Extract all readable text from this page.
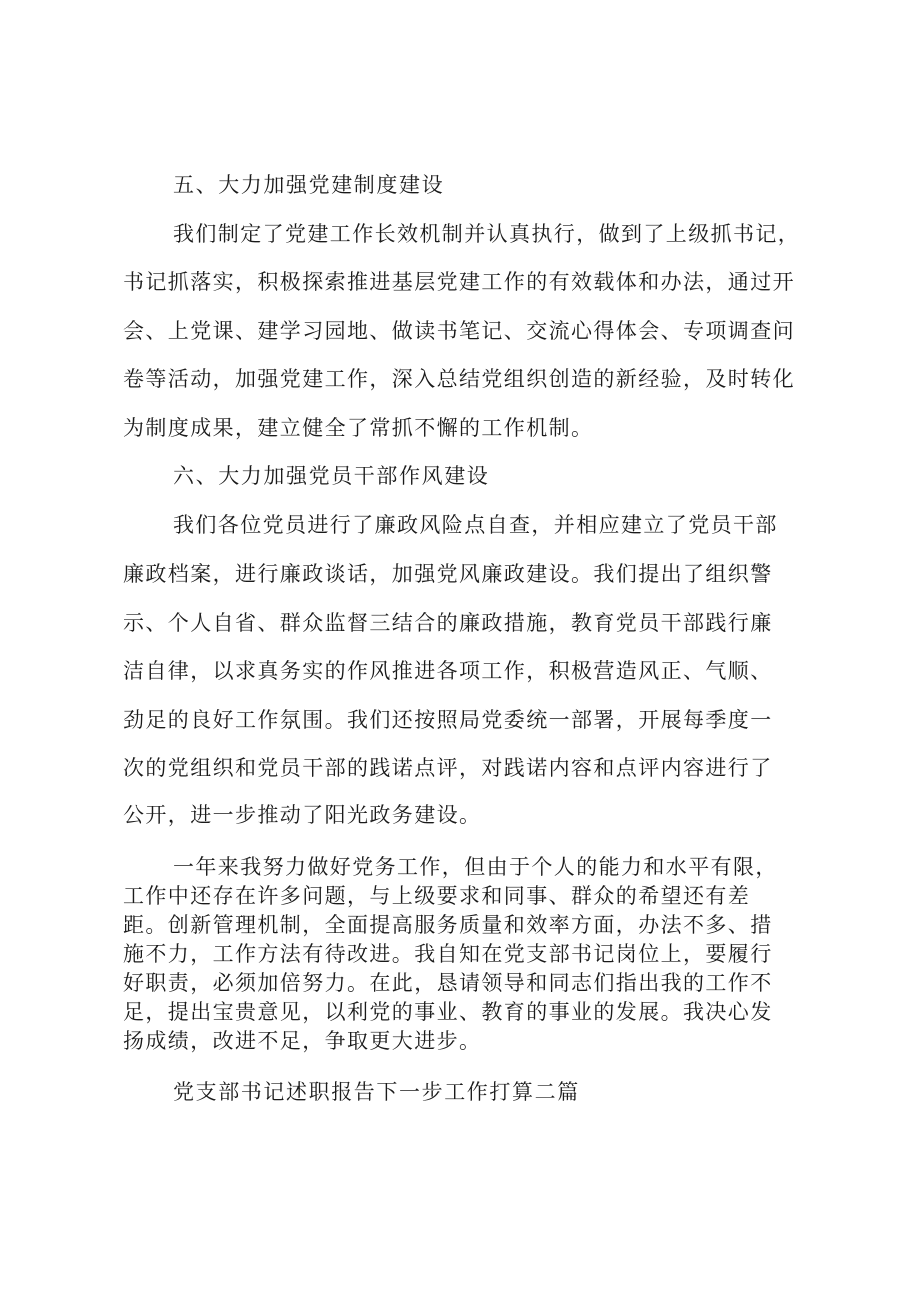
五、大力加强党建制度建设
我们制定了党建工作长效机制并认真执行，做到了上级抓书记，
书记抓落实，积极探索推进基层党建工作的有效载体和办法，通过开
会、上党课、建学习园地、做读书笔记、交流心得体会、专项调查问
卷等活动，加强党建工作，深入总结党组织创造的新经验，及时转化
为制度成果，建立健全了常抓不懈的工作机制。
六、大力加强党员干部作风建设
我们各位党员进行了廉政风险点自查，并相应建立了党员干部
廉政档案，进行廉政谈话，加强党风廉政建设。我们提出了组织警
示、个人自省、群众监督三结合的廉政措施，教育党员干部践行廉
洁自律，以求真务实的作风推进各项工作，积极营造风正、气顺、
劲足的良好工作氛围。我们还按照局党委统一部署，开展每季度一
次的党组织和党员干部的践诺点评，对践诺内容和点评内容进行了
公开，进一步推动了阳光政务建设。
一年来我努力做好党务工作，但由于个人的能力和水平有限，
工作中还存在许多问题，与上级要求和同事、群众的希望还有差
距。创新管理机制，全面提高服务质量和效率方面，办法不多、措
施不力，工作方法有待改进。我自知在党支部书记岗位上，要履行
好职责，必须加倍努力。在此，恳请领导和同志们指出我的工作不
足，提出宝贵意见，以利党的事业、教育的事业的发展。我决心发
扬成绩，改进不足，争取更大进步。
党支部书记述职报告下一步工作打算二篇
